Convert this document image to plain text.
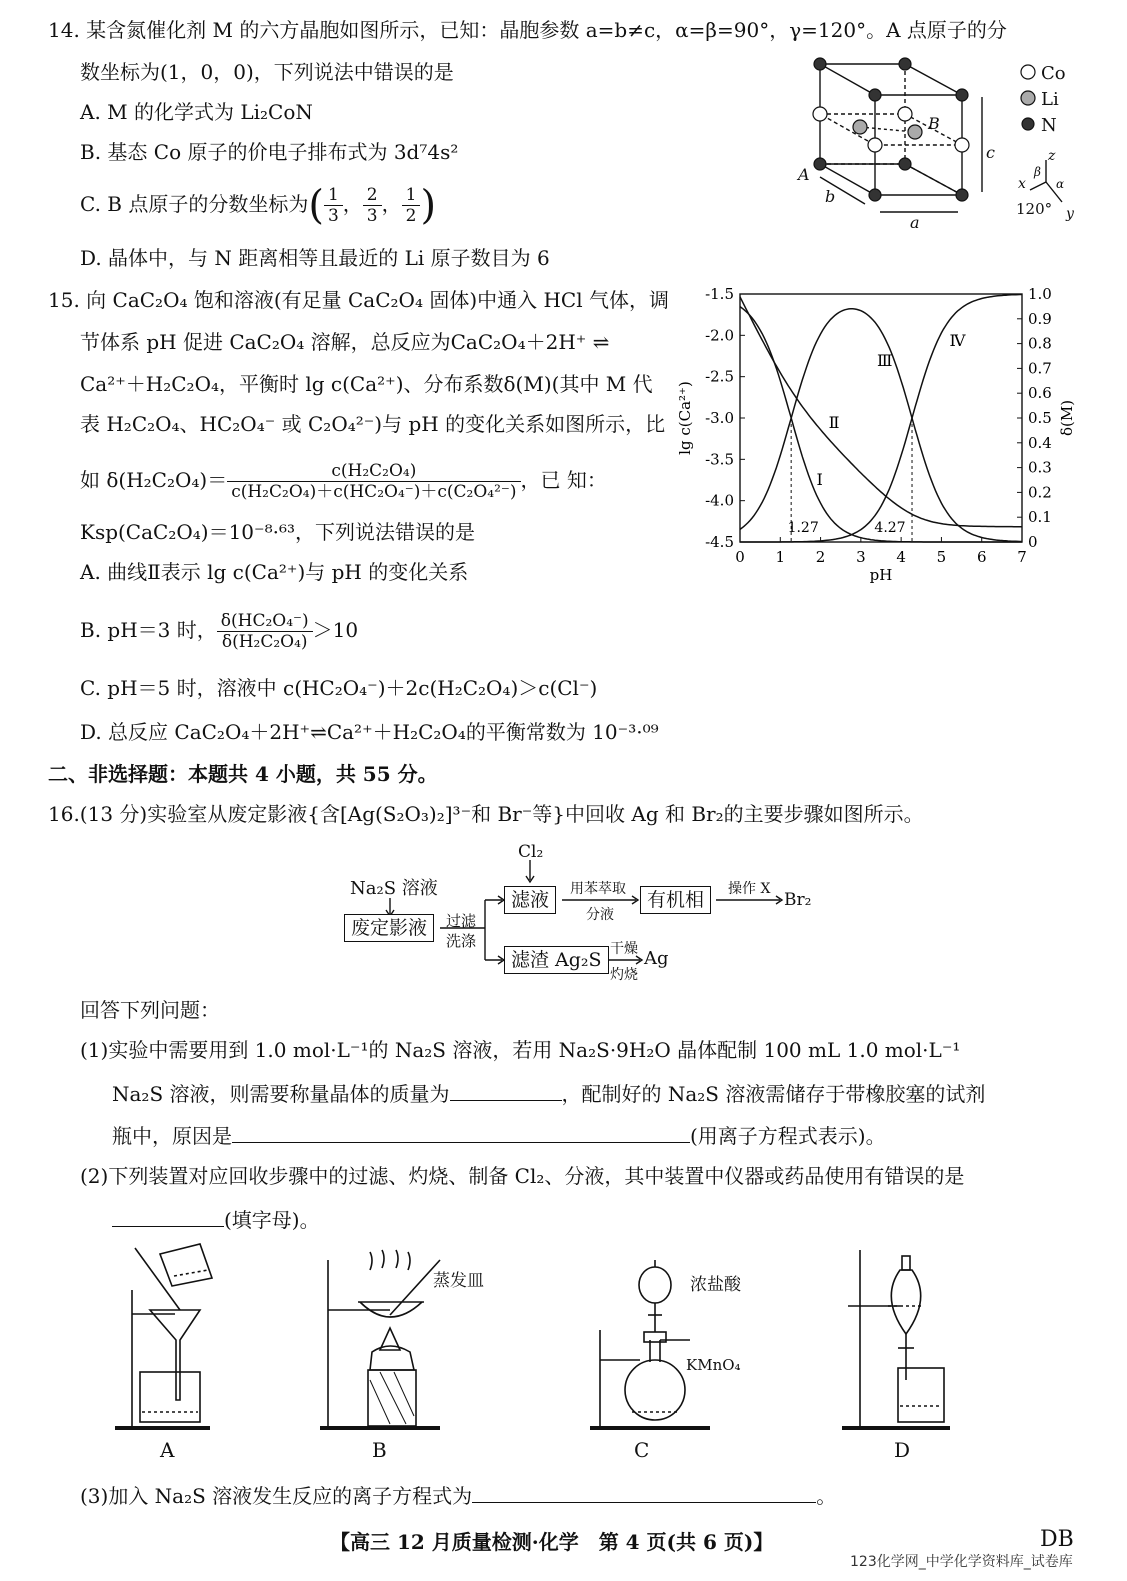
14. 某含氮催化剂 M 的六方晶胞如图所示，已知：晶胞参数 a=b≠c，α=β=90°，γ=120°。A 点原子的分
数坐标为(1，0，0)，下列说法中错误的是
A. M 的化学式为 Li₂CoN
B. 基态 Co 原子的价电子排布式为 3d⁷4s²
C. B 点原子的分数坐标为( $\frac{1}{3}$ ， $\frac{2}{3}$ ， $\frac{1}{2}$ )
D. 晶体中，与 N 距离相等且最近的 Li 原子数目为 6
Co
Li
N
A
B
a
b
c	z
x
y
β
α
120°
15. 向 CaC₂O₄ 饱和溶液(有足量 CaC₂O₄ 固体)中通入 HCl 气体，调
节体系 pH 促进 CaC₂O₄ 溶解，总反应为CaC₂O₄＋2H⁺ ⇌
Ca²⁺＋H₂C₂O₄，平衡时 lg c(Ca²⁺)、分布系数δ(M)(其中 M 代
表 H₂C₂O₄、HC₂O₄⁻ 或 C₂O₄²⁻)与 pH 的变化关系如图所示，比
如 $\delta(H_2C_2O_4)= \frac{\text{c(H₂C₂O₄)}}{\text{c(H₂C₂O₄)＋c(HC₂O₄⁻)＋c(C₂O₄²⁻)}}$ ，已 知：
Ksp(CaC₂O₄)＝10⁻⁸·⁶³，下列说法错误的是
A. 曲线Ⅱ表示 lg c(Ca²⁺)与 pH 的变化关系
B. pH＝3 时， $\frac{\text{δ(HC₂O₄⁻)}}{\text{δ(H₂C₂O₄)}} >10$
C. pH＝5 时，溶液中 c(HC₂O₄⁻)＋2c(H₂C₂O₄)＞c(Cl⁻)
D. 总反应 CaC₂O₄＋2H⁺⇌Ca²⁺＋H₂C₂O₄的平衡常数为 10⁻³·⁰⁹
0 1 2 3 4 5 6 7
-1.5
-2.0
-2.5
-3.0
-3.5
-4.0
-4.5
1.0
0.9
0.8
0.7
0.6
0.5
0.4
0.3
0.2
0.1
0
pH
lg c(Ca²⁺)	δ(M)
1.27	4.27
Ⅰ
Ⅱ
Ⅲ
Ⅳ
二、非选择题：本题共 4 小题，共 55 分。
16.(13 分)实验室从废定影液{含[Ag(S₂O₃)₂]³⁻和 Br⁻等}中回收 Ag 和 Br₂的主要步骤如图所示。
Na₂S 溶液
废定影液	过滤
洗涤
Cl₂
滤液	用苯萃取
分液
有机相	操作 X
Br₂
滤渣 Ag₂S 干燥
灼烧
Ag
回答下列问题：
(1)实验中需要用到 1.0 mol·L⁻¹的 Na₂S 溶液，若用 Na₂S·9H₂O 晶体配制 100 mL 1.0 mol·L⁻¹
Na₂S 溶液，则需要称量晶体的质量为	，配制好的 Na₂S 溶液需储存于带橡胶塞的试剂
瓶中，原因是	(用离子方程式表示)。
(2)下列装置对应回收步骤中的过滤、灼烧、制备 Cl₂、分液，其中装置中仪器或药品使用有错误的是
(填字母)。
蒸发皿	浓盐酸
KMnO₄
A	B	C	D
(3)加入 Na₂S 溶液发生反应的离子方程式为	。
【高三 12 月质量检测·化学　第 4 页(共 6 页)】	DB
123化学网_中学化学资料库_试卷库
